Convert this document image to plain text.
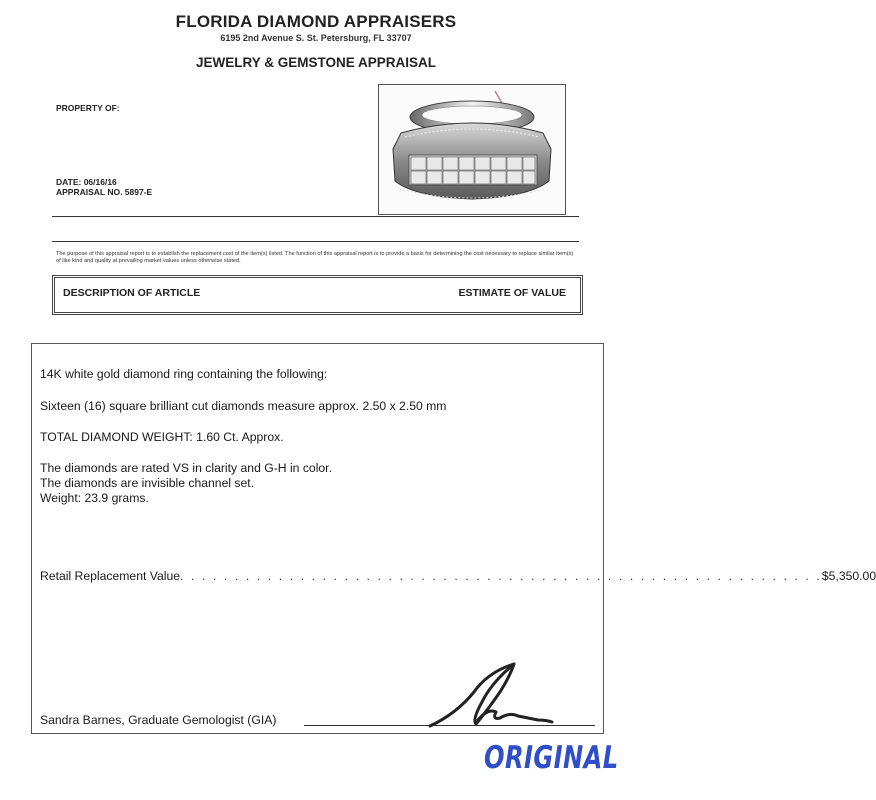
FLORIDA DIAMOND APPRAISERS
6195 2nd Avenue S. St. Petersburg, FL 33707
JEWELRY & GEMSTONE APPRAISAL
PROPERTY OF:
DATE: 06/16/16
APPRAISAL NO. 5897-E
The purpose of this appraisal report is to establish the replacement cost of the item(s) listed. The function of this appraisal report is to provide a basis for determining the cost necessary to replace similar item(s) of like kind and quality at prevailing market values unless otherwise stated.
DESCRIPTION OF ARTICLE	ESTIMATE OF VALUE
14K white gold diamond ring containing the following:
Sixteen (16) square brilliant cut diamonds measure approx. 2.50 x 2.50 mm
TOTAL DIAMOND WEIGHT: 1.60 Ct. Approx.
The diamonds are rated VS in clarity and G-H in color.
The diamonds are invisible channel set.
Weight: 23.9 grams.
Retail Replacement Value . . . . . . . . . . . . . . . . . . . . . . . . . . . . . . . . . . . . . . . . . . . . . . . . . . . . . . . . . . . $5,350.00
Sandra Barnes, Graduate Gemologist (GIA)
ORIGINAL
